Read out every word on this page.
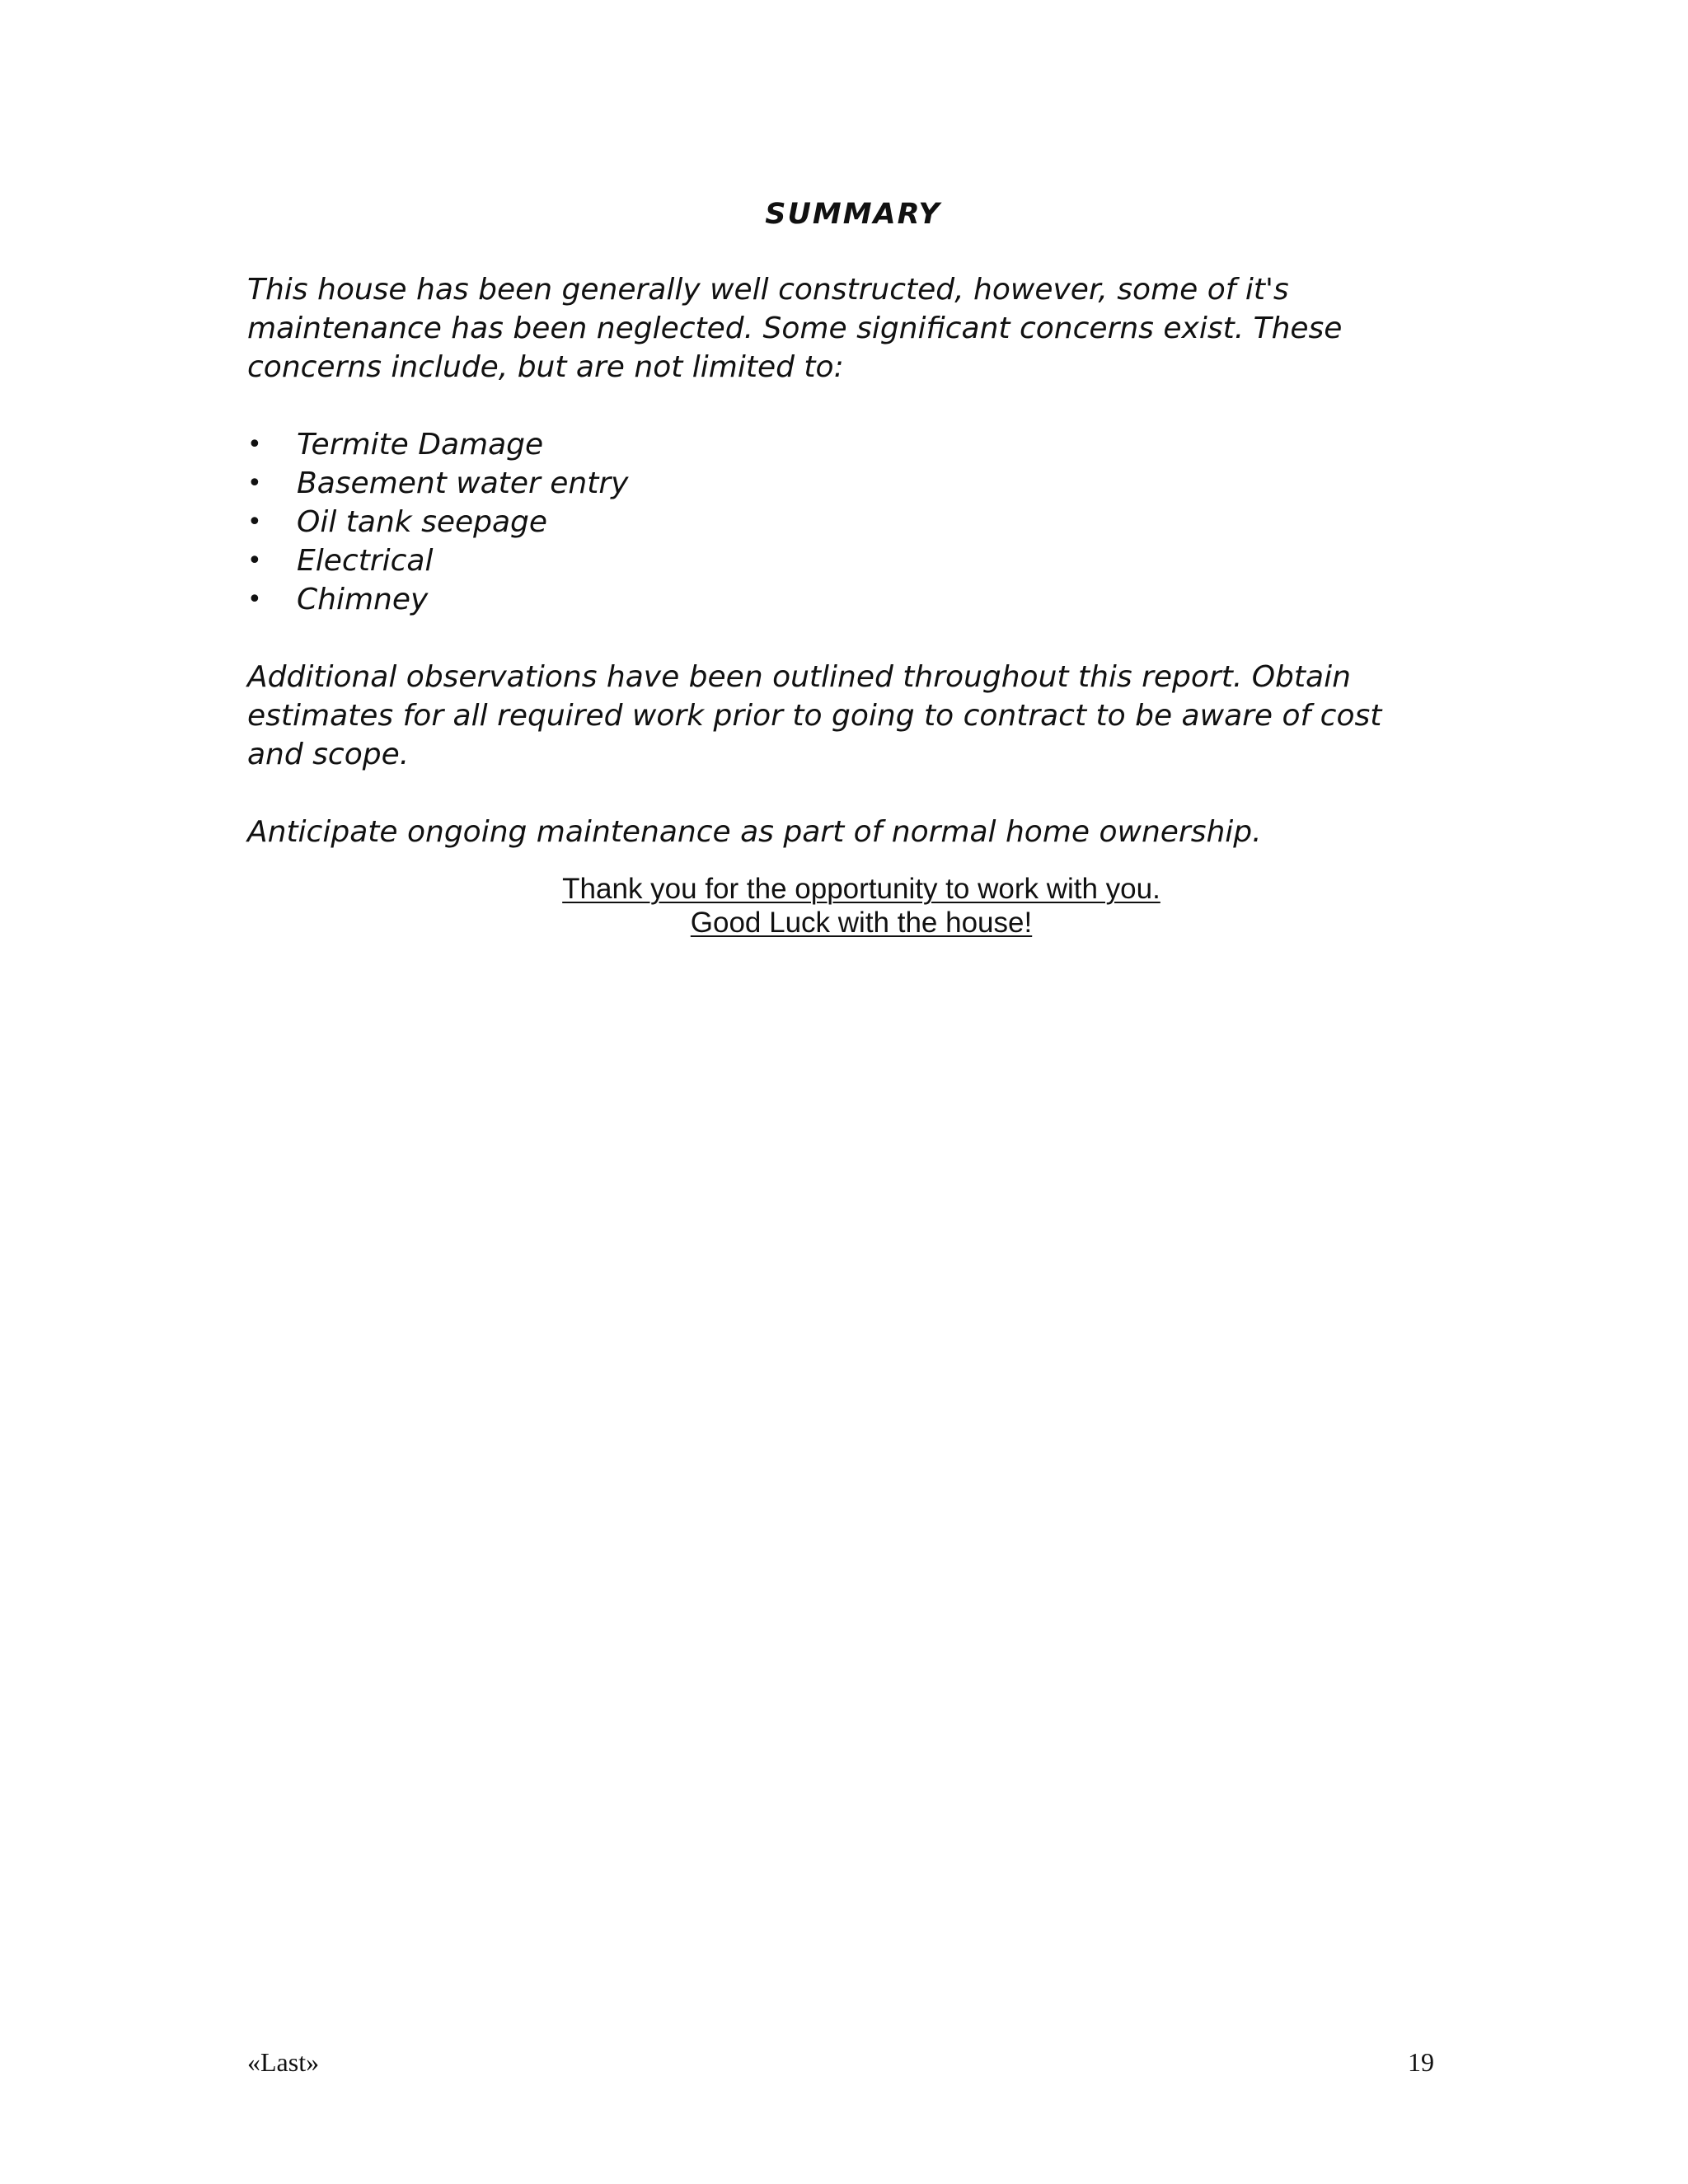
SUMMARY

This house has been generally well constructed, however, some of it's maintenance has been neglected. Some significant concerns exist. These concerns include, but are not limited to:

• Termite Damage
• Basement water entry
• Oil tank seepage
• Electrical
• Chimney

Additional observations have been outlined throughout this report. Obtain estimates for all required work prior to going to contract to be aware of cost and scope.

Anticipate ongoing maintenance as part of normal home ownership.

Thank you for the opportunity to work with you.
Good Luck with the house!
«Last»	19
